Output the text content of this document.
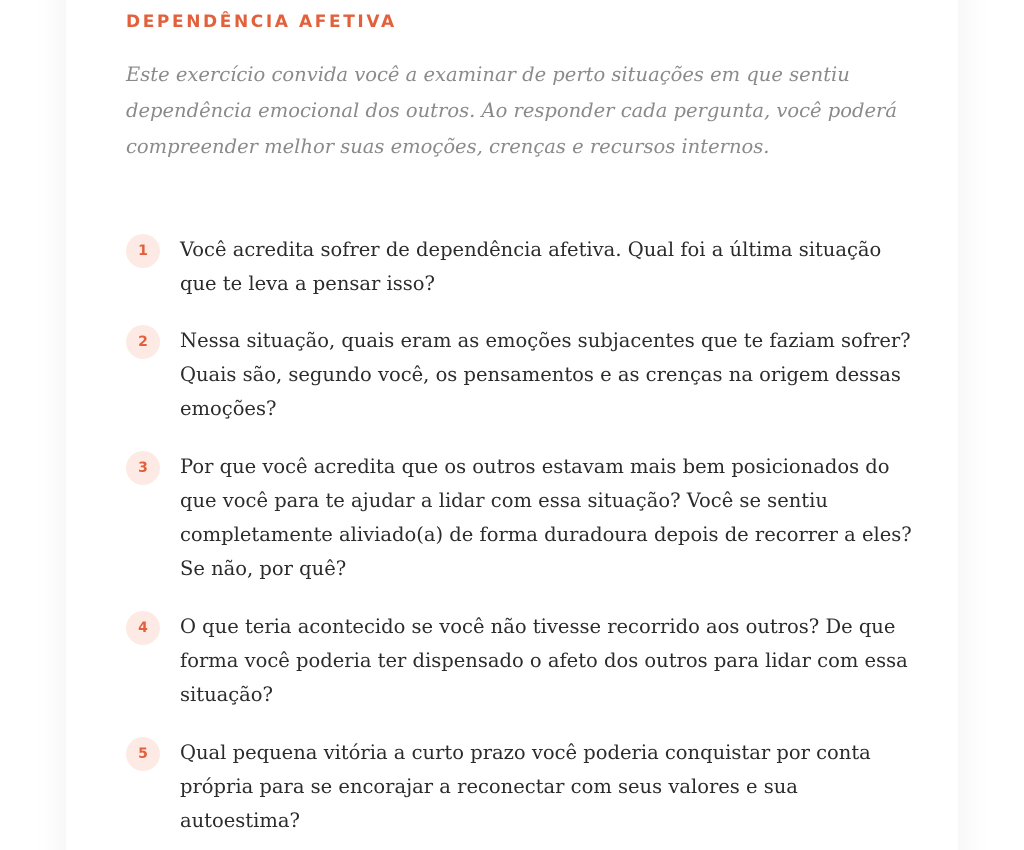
DEPENDÊNCIA AFETIVA

Este exercício convida você a examinar de perto situações em que sentiu dependência emocional dos outros. Ao responder cada pergunta, você poderá compreender melhor suas emoções, crenças e recursos internos.

1	Você acredita sofrer de dependência afetiva. Qual foi a última situação que te leva a pensar isso?

2	Nessa situação, quais eram as emoções subjacentes que te faziam sofrer? Quais são, segundo você, os pensamentos e as crenças na origem dessas emoções?

3	Por que você acredita que os outros estavam mais bem posicionados do que você para te ajudar a lidar com essa situação? Você se sentiu completamente aliviado(a) de forma duradoura depois de recorrer a eles? Se não, por quê?

4	O que teria acontecido se você não tivesse recorrido aos outros? De que forma você poderia ter dispensado o afeto dos outros para lidar com essa situação?

5	Qual pequena vitória a curto prazo você poderia conquistar por conta própria para se encorajar a reconectar com seus valores e sua autoestima?
